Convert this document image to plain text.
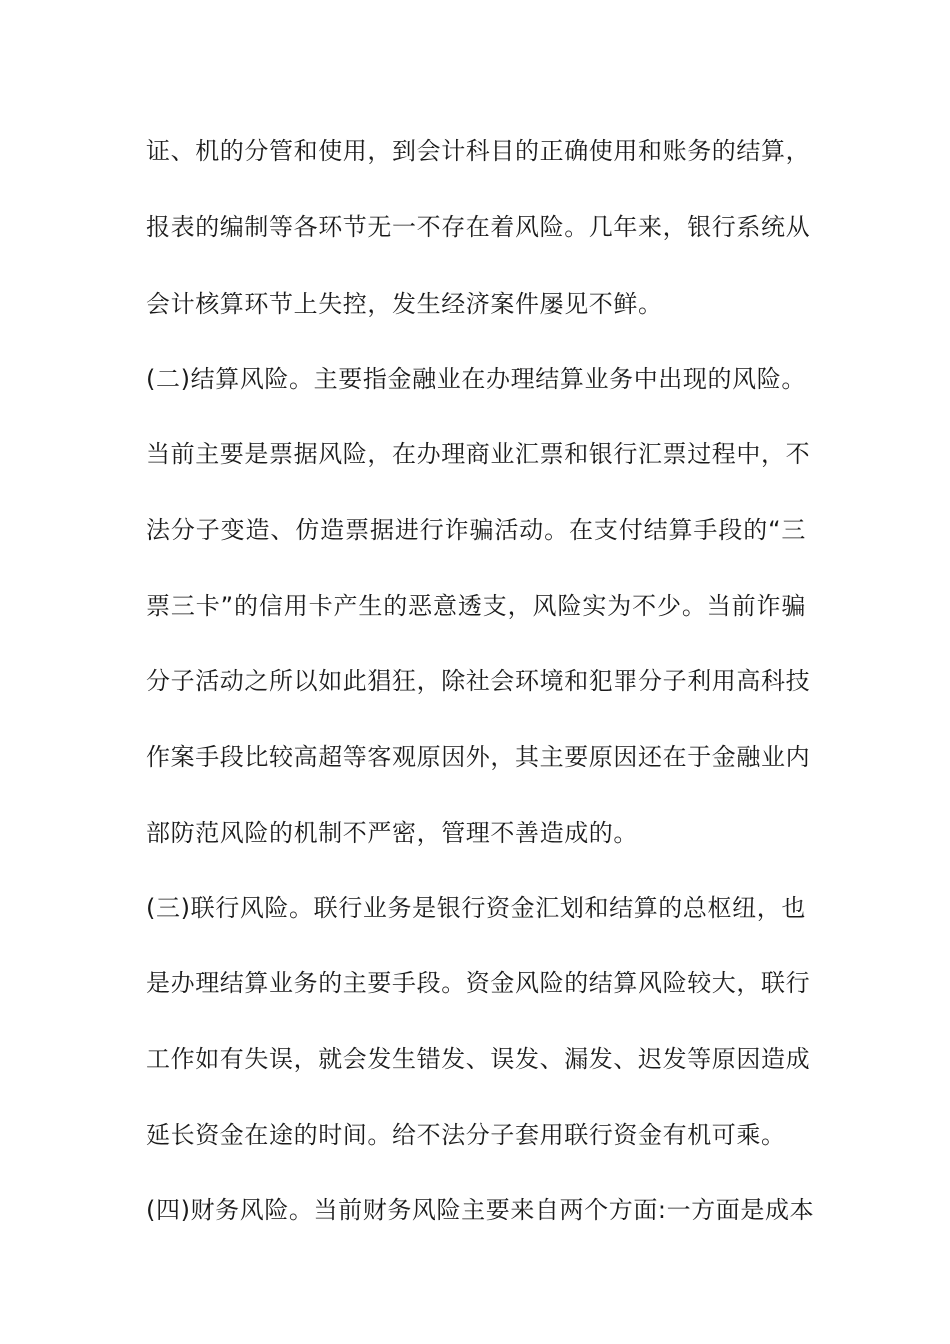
证、机的分管和使用，到会计科目的正确使用和账务的结算，
报表的编制等各环节无一不存在着风险。几年来，银行系统从
会计核算环节上失控，发生经济案件屡见不鲜。
(二)结算风险。主要指金融业在办理结算业务中出现的风险。
当前主要是票据风险，在办理商业汇票和银行汇票过程中，不
法分子变造、仿造票据进行诈骗活动。在支付结算手段的“三
票三卡”的信用卡产生的恶意透支，风险实为不少。当前诈骗
分子活动之所以如此猖狂，除社会环境和犯罪分子利用高科技
作案手段比较高超等客观原因外，其主要原因还在于金融业内
部防范风险的机制不严密，管理不善造成的。
(三)联行风险。联行业务是银行资金汇划和结算的总枢纽，也
是办理结算业务的主要手段。资金风险的结算风险较大，联行
工作如有失误，就会发生错发、误发、漏发、迟发等原因造成
延长资金在途的时间。给不法分子套用联行资金有机可乘。
(四)财务风险。当前财务风险主要来自两个方面:一方面是成本
